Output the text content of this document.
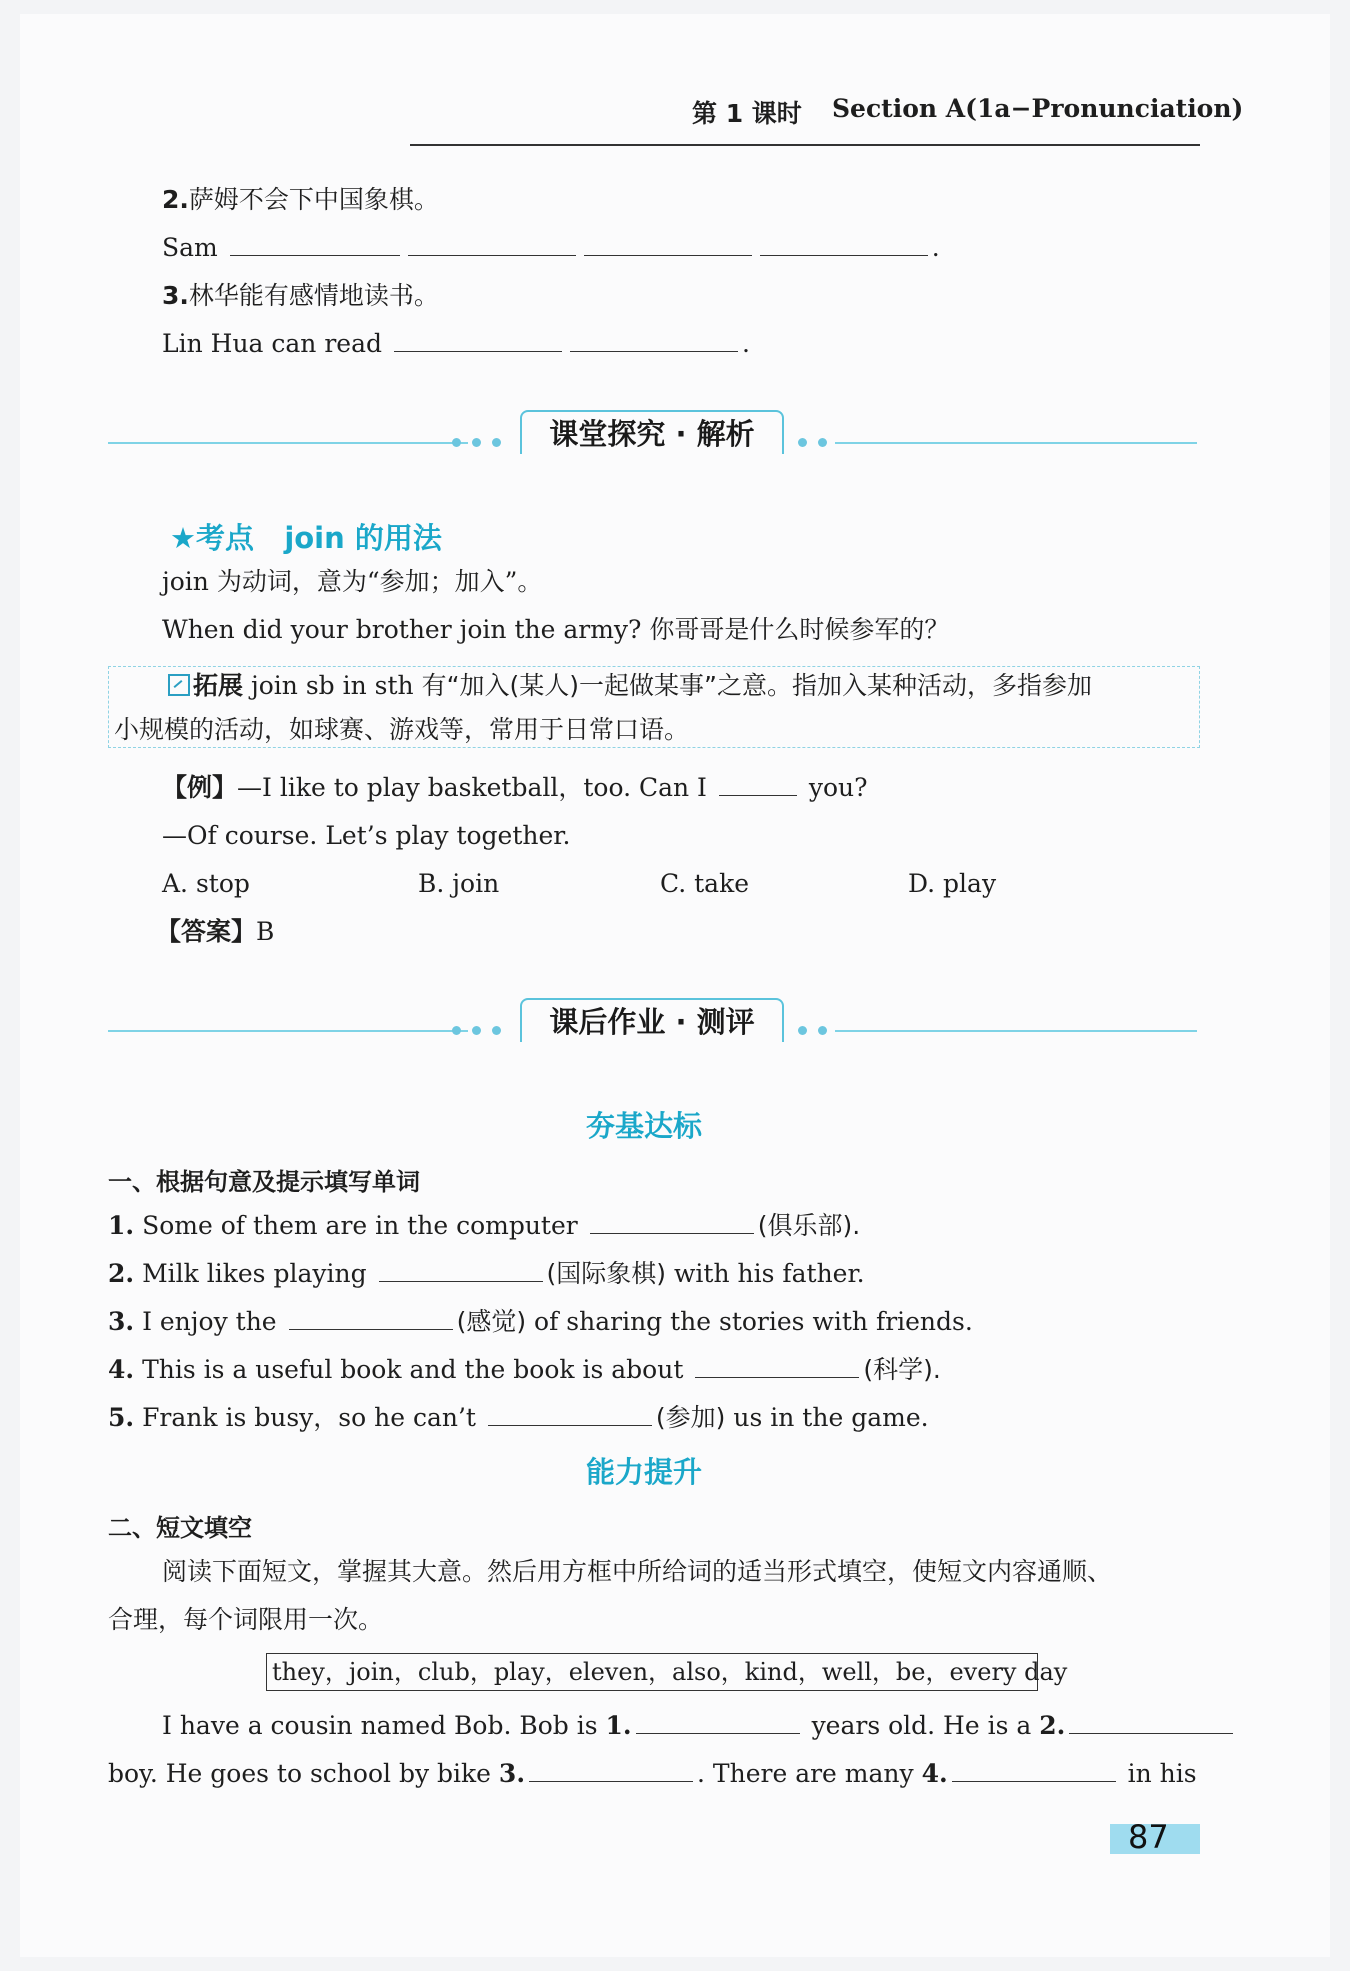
第 1 课时 Section A(1a−Pronunciation)
2.萨姆不会下中国象棋。
Sam	.
3.林华能有感情地读书。
Lin Hua can read	.
课堂探究 · 解析
★考点 join 的用法
join 为动词，意为“参加；加入”。
When did your brother join the army? 你哥哥是什么时候参军的？
拓展 join sb in sth 有“加入(某人)一起做某事”之意。指加入某种活动，多指参加
小规模的活动，如球赛、游戏等，常用于日常口语。
【例】—I like to play basketball，too. Can I	you?
—Of course. Let’s play together.
A. stop	B. join	C. take	D. play
【答案】B
课后作业 · 测评
夯基达标
一、根据句意及提示填写单词
1. Some of them are in the computer	(俱乐部).
2. Milk likes playing	(国际象棋) with his father.
3. I enjoy the	(感觉) of sharing the stories with friends.
4. This is a useful book and the book is about	(科学).
5. Frank is busy，so he can’t	(参加) us in the game.
能力提升
二、短文填空
阅读下面短文，掌握其大意。然后用方框中所给词的适当形式填空，使短文内容通顺、
合理，每个词限用一次。
they，join，club，play，eleven，also，kind，well，be，every day
I have a cousin named Bob. Bob is 1.	years old. He is a 2.
boy. He goes to school by bike 3.	. There are many 4.	in his
87
